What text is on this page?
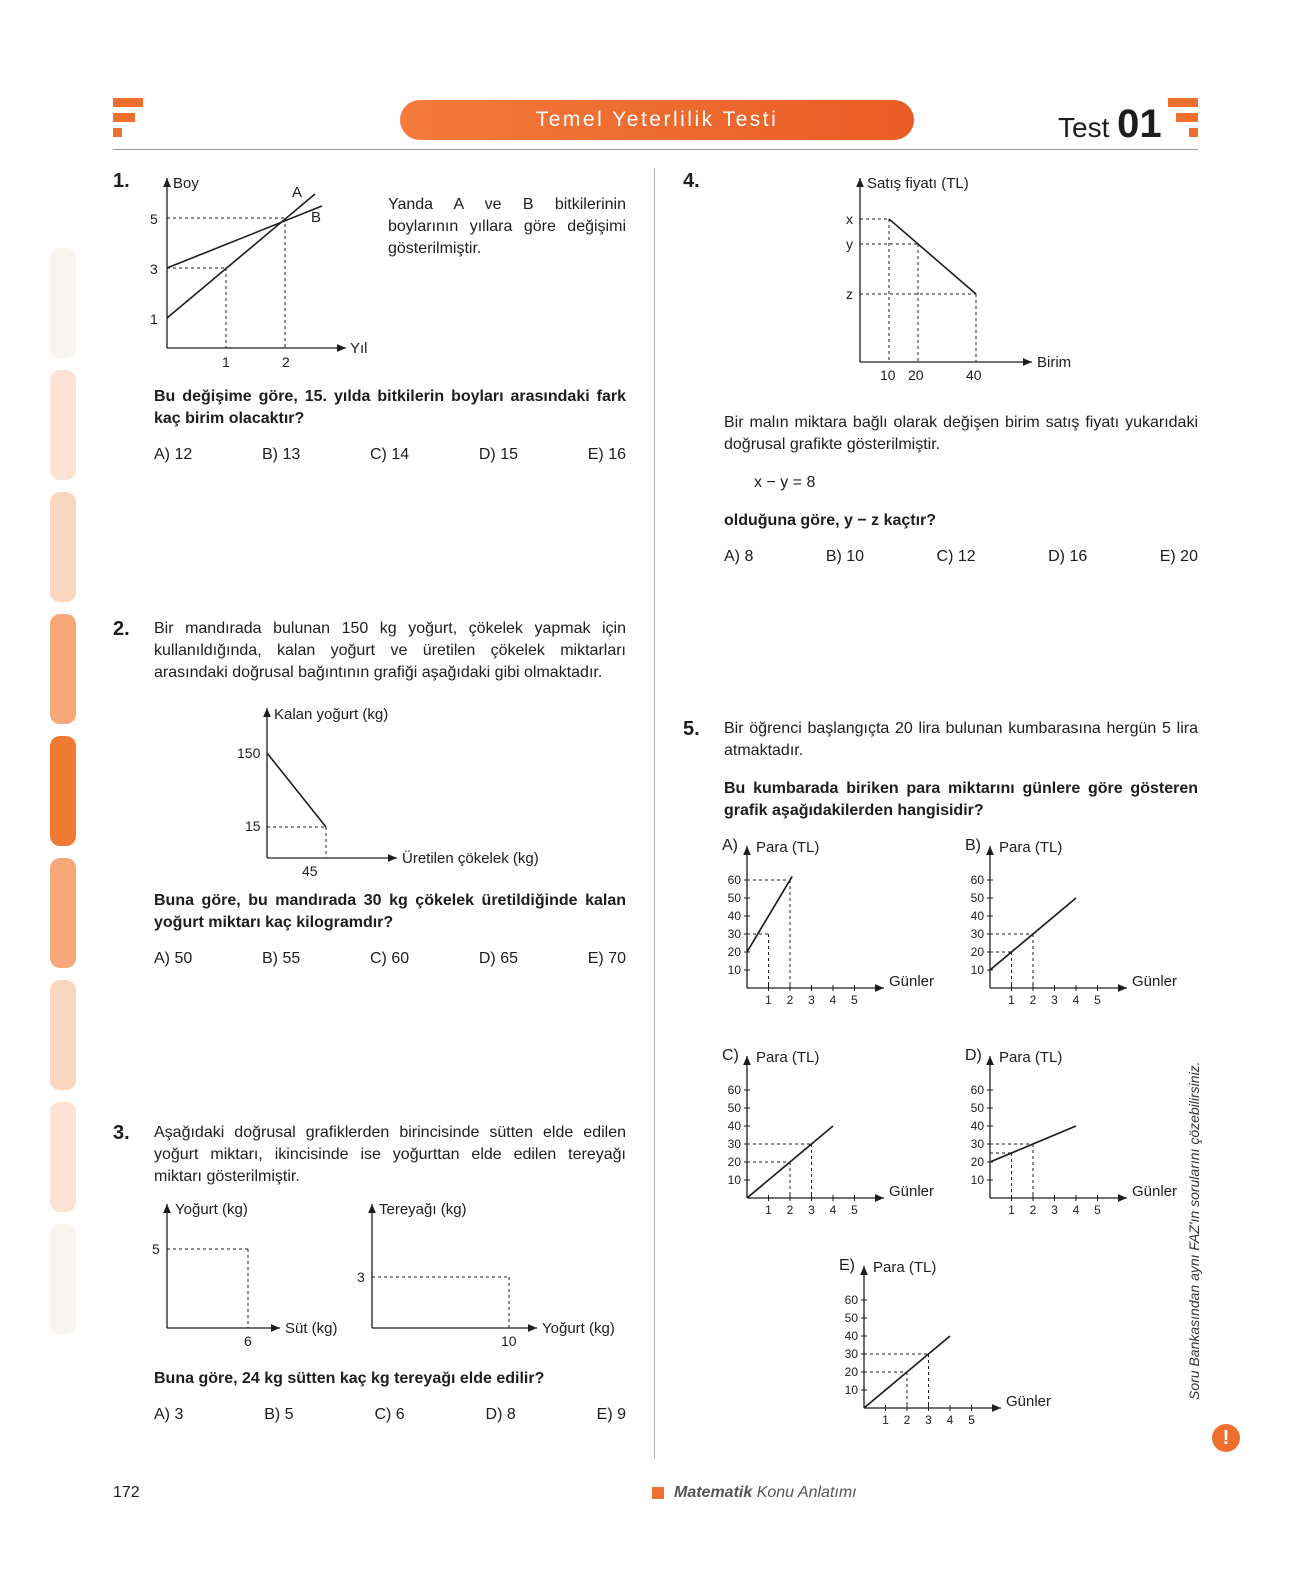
Temel Yeterlilik Testi	Test 01
1.	Boy
Yıl
5
3
1
1	2
A
B
Yanda A ve B bitkilerinin boylarının yıllara göre değişimi gösterilmiştir.
Bu değişime göre, 15. yılda bitkilerin boyları arasındaki fark kaç birim olacaktır?
A) 12	B) 13	C) 14	D) 15	E) 16
2. Bir mandırada bulunan 150 kg yoğurt, çökelek yapmak için kullanıldığında, kalan yoğurt ve üretilen çökelek miktarları arasındaki doğrusal bağıntının grafiği aşağıdaki gibi olmaktadır.
Kalan yoğurt (kg)
Üretilen çökelek (kg)
150
15
45
Buna göre, bu mandırada 30 kg çökelek üretildiğinde kalan yoğurt miktarı kaç kilogramdır?
A) 50	B) 55	C) 60	D) 65	E) 70
3. Aşağıdaki doğrusal grafiklerden birincisinde sütten elde edilen yoğurt miktarı, ikincisinde ise yoğurttan elde edilen tereyağı miktarı gösterilmiştir.
Yoğurt (kg)
Süt (kg)
5
6
Tereyağı (kg)
Yoğurt (kg)
3
10
Buna göre, 24 kg sütten kaç kg tereyağı elde edilir?
A) 3	B) 5	C) 6	D) 8	E) 9
4.	Satış fiyatı (TL)
Birim
x
y
z
10 20	40
Bir malın miktara bağlı olarak değişen birim satış fiyatı yukarıdaki doğrusal grafikte gösterilmiştir.
x − y = 8
olduğuna göre, y − z kaçtır?
A) 8	B) 10	C) 12	D) 16	E) 20
5. Bir öğrenci başlangıçta 20 lira bulunan kumbarasına hergün 5 lira atmaktadır.
Bu kumbarada biriken para miktarını günlere göre gösteren grafik aşağıdakilerden hangisidir?
A) Para (TL)
Günler
60
50
40
30
20
10
1 2 3 4 5
B) Para (TL)
Günler
60
50
40
30
20
10
1 2 3 4 5
C) Para (TL)
Günler
60
50
40
30
20
10
1 2 3 4 5
D) Para (TL)
Günler
60
50
40
30
20
10
1 2 3 4 5
E) Para (TL)
Günler
60
50
40
30
20
10
1 2 3 4 5
Soru Bankasından aynı FAZ'ın sorularını çözebilirsiniz.
!
172	Matematik Konu Anlatımı
